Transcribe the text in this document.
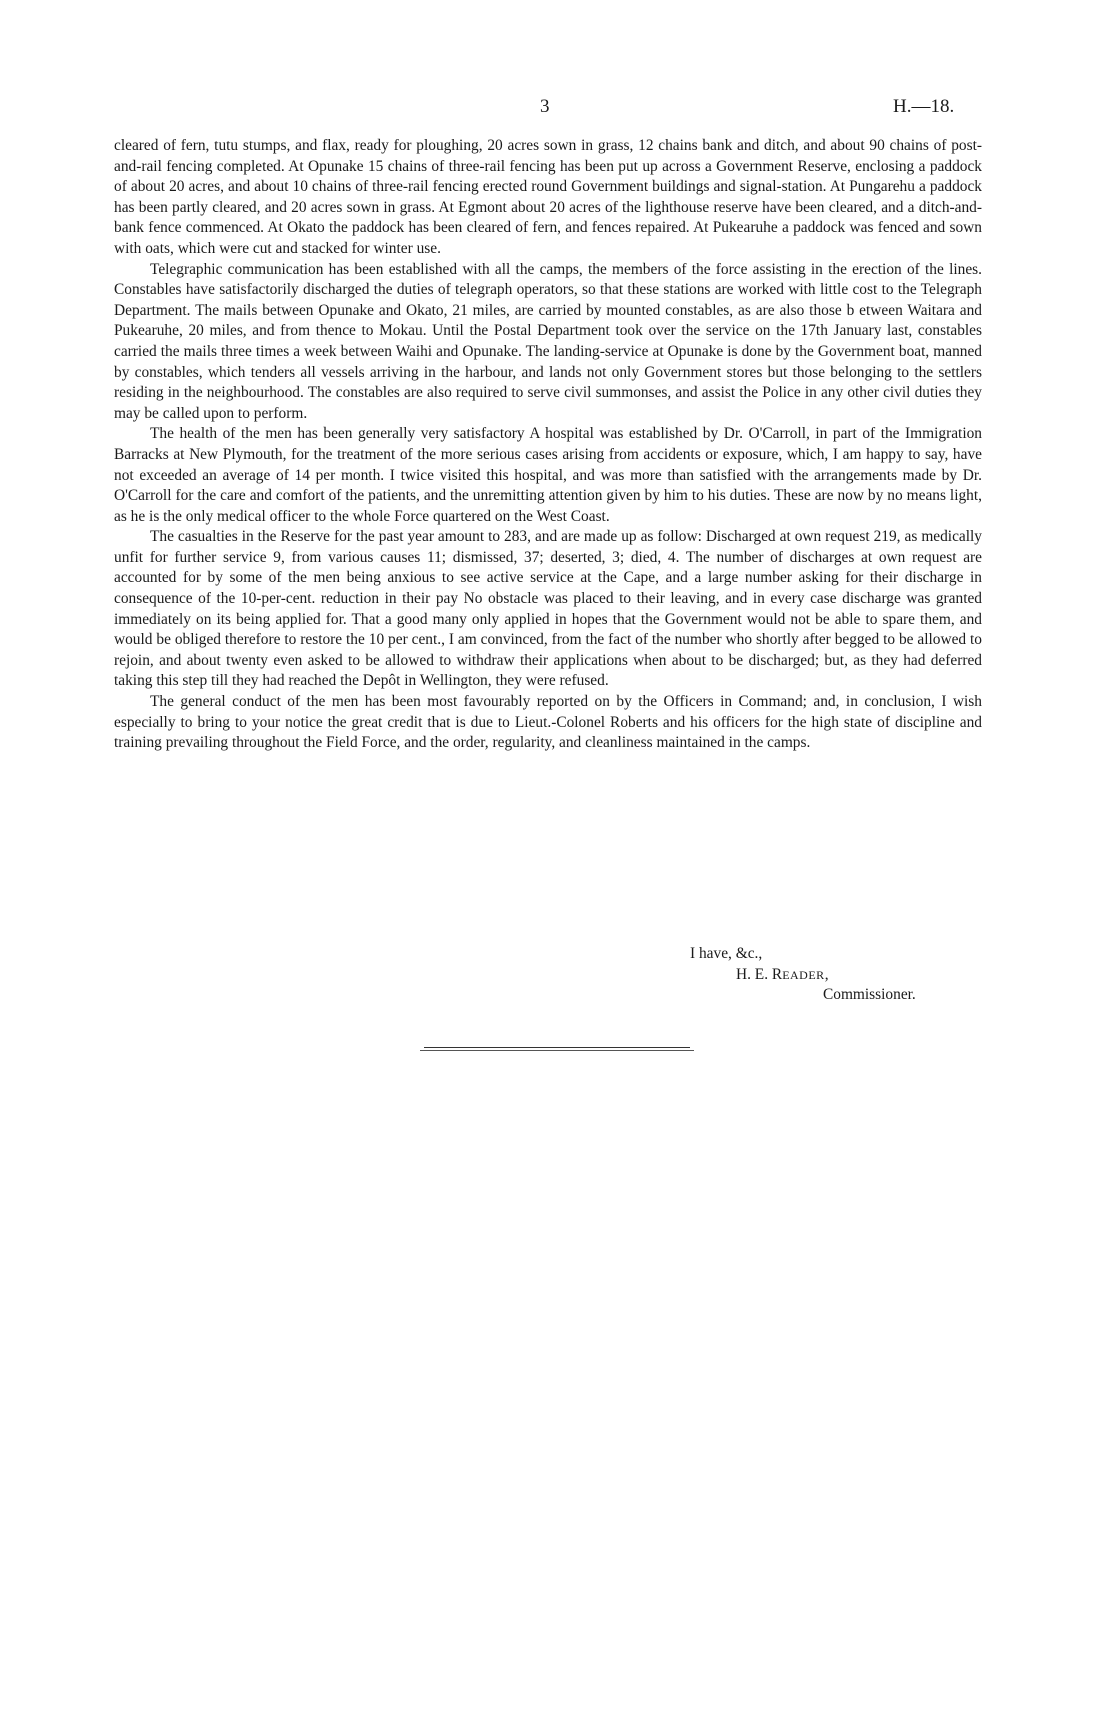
3	H.—18.

cleared of fern, tutu stumps, and flax, ready for ploughing, 20 acres sown in grass, 12 chains bank and ditch, and about 90 chains of post-and-rail fencing completed. At Opunake 15 chains of three-rail fencing has been put up across a Government Reserve, enclosing a paddock of about 20 acres, and about 10 chains of three-rail fencing erected round Government buildings and signal-station. At Pungarehu a paddock has been partly cleared, and 20 acres sown in grass. At Egmont about 20 acres of the lighthouse reserve have been cleared, and a ditch-and-bank fence commenced. At Okato the paddock has been cleared of fern, and fences repaired. At Pukearuhe a paddock was fenced and sown with oats, which were cut and stacked for winter use.

Telegraphic communication has been established with all the camps, the members of the force assisting in the erection of the lines. Constables have satisfactorily discharged the duties of telegraph operators, so that these stations are worked with little cost to the Telegraph Department. The mails between Opunake and Okato, 21 miles, are carried by mounted constables, as are also those b etween Waitara and Pukearuhe, 20 miles, and from thence to Mokau. Until the Postal Department took over the service on the 17th January last, constables carried the mails three times a week between Waihi and Opunake. The landing-service at Opunake is done by the Government boat, manned by constables, which tenders all vessels arriving in the harbour, and lands not only Government stores but those belonging to the settlers residing in the neighbourhood. The constables are also required to serve civil summonses, and assist the Police in any other civil duties they may be called upon to perform.

The health of the men has been generally very satisfactory A hospital was established by Dr. O'Carroll, in part of the Immigration Barracks at New Plymouth, for the treatment of the more serious cases arising from accidents or exposure, which, I am happy to say, have not exceeded an average of 14 per month. I twice visited this hospital, and was more than satisfied with the arrangements made by Dr. O'Carroll for the care and comfort of the patients, and the unremitting attention given by him to his duties. These are now by no means light, as he is the only medical officer to the whole Force quartered on the West Coast.

The casualties in the Reserve for the past year amount to 283, and are made up as follow: Discharged at own request 219, as medically unfit for further service 9, from various causes 11; dismissed, 37; deserted, 3; died, 4. The number of discharges at own request are accounted for by some of the men being anxious to see active service at the Cape, and a large number asking for their discharge in consequence of the 10-per-cent. reduction in their pay No obstacle was placed to their leaving, and in every case discharge was granted immediately on its being applied for. That a good many only applied in hopes that the Government would not be able to spare them, and would be obliged therefore to restore the 10 per cent., I am convinced, from the fact of the number who shortly after begged to be allowed to rejoin, and about twenty even asked to be allowed to withdraw their applications when about to be discharged; but, as they had deferred taking this step till they had reached the Depôt in Wellington, they were refused.

The general conduct of the men has been most favourably reported on by the Officers in Command; and, in conclusion, I wish especially to bring to your notice the great credit that is due to Lieut.-Colonel Roberts and his officers for the high state of discipline and training prevailing throughout the Field Force, and the order, regularity, and cleanliness maintained in the camps.

I have, &c.,
H. E. READER,
Commissioner.
